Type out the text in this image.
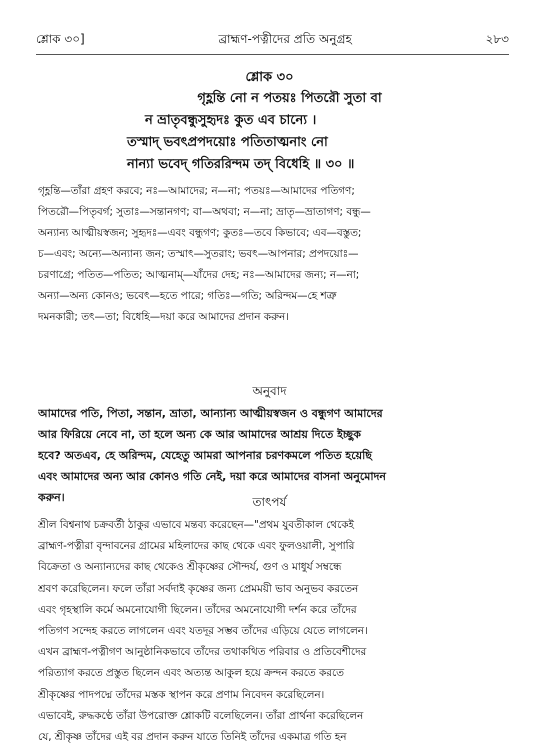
শ্লোক ৩০]	ব্রাহ্মণ-পত্নীদের প্রতি অনুগ্রহ	২৮৩
শ্লোক ৩০
গৃহ্ণন্তি নো ন পতয়ঃ পিতরৌ সুতা বা
ন ভ্রাতৃবন্ধুসুহৃদঃ কুত এব চান্যে ।
তস্মাদ্ ভবৎপ্রপদয়োঃ পতিতাত্মনাং নো
নান্যা ভবেদ্ গতিররিন্দম তদ্ বিধেহি ॥ ৩০ ॥
গৃহ্ণন্তি—তাঁরা গ্রহণ করবে; নঃ—আমাদের; ন—না; পতয়ঃ—আমাদের পতিগণ;
পিতরৌ—পিতৃবর্গ; সুতাঃ—সন্তানগণ; বা—অথবা; ন—না; ভ্রাতৃ—ভ্রাতাগণ; বন্ধু—
অন্যান্য আত্মীয়স্বজন; সুহৃদঃ—এবং বন্ধুগণ; কুতঃ—তবে কিভাবে; এব—বস্তুত;
চ—এবং; অন্যে—অন্যান্য জন; তস্মাৎ—সুতরাং; ভবৎ—আপনার; প্রপদয়োঃ—
চরণাগ্রে; পতিত—পতিত; আত্মনাম্—যাঁদের দেহ; নঃ—আমাদের জন্য; ন—না;
অন্যা—অন্য কোনও; ভবেৎ—হতে পারে; গতিঃ—গতি; অরিন্দম—হে শত্রু
দমনকারী; তৎ—তা; বিধেহি—দয়া করে আমাদের প্রদান করুন।
অনুবাদ
আমাদের পতি, পিতা, সন্তান, ভ্রাতা, আন্যান্য আত্মীয়স্বজন ও বন্ধুগণ আমাদের
আর ফিরিয়ে নেবে না, তা হলে অন্য কে আর আমাদের আশ্রয় দিতে ইচ্ছুক
হবে? অতএব, হে অরিন্দম, যেহেতু আমরা আপনার চরণকমলে পতিত হয়েছি
এবং আমাদের অন্য আর কোনও গতি নেই, দয়া করে আমাদের বাসনা অনুমোদন
করুন।	তাৎপর্য
শ্রীল বিশ্বনাথ চক্রবর্তী ঠাকুর এভাবে মন্তব্য করেছেন—"প্রথম যুবতীকাল থেকেই
ব্রাহ্মণ-পত্নীরা বৃন্দাবনের গ্রামের মহিলাদের কাছ থেকে এবং ফুলওয়ালী, সুপারি
বিক্রেতা ও অন্যান্যদের কাছ থেকেও শ্রীকৃষ্ণের সৌন্দর্য, গুণ ও মাধুর্য সম্বন্ধে
শ্রবণ করেছিলেন। ফলে তাঁরা সর্বদাই কৃষ্ণের জন্য প্রেমময়ী ভাব অনুভব করতেন
এবং গৃহস্থালি কর্মে অমনোযোগী ছিলেন। তাঁদের অমনোযোগী দর্শন করে তাঁদের
পতিগণ সন্দেহ করতে লাগলেন এবং যতদূর সম্ভব তাঁদের এড়িয়ে যেতে লাগলেন।
এখন ব্রাহ্মণ-পত্নীগণ আনুষ্ঠানিকভাবে তাঁদের তথাকথিত পরিবার ও প্রতিবেশীদের
পরিত্যাগ করতে প্রস্তুত ছিলেন এবং অত্যন্ত আকুল হয়ে ক্রন্দন করতে করতে
শ্রীকৃষ্ণের পাদপদ্মে তাঁদের মস্তক স্থাপন করে প্রণাম নিবেদন করেছিলেন।
এভাবেই, রুদ্ধকণ্ঠে তাঁরা উপরোক্ত শ্লোকটি বলেছিলেন। তাঁরা প্রার্থনা করেছিলেন
যে, শ্রীকৃষ্ণ তাঁদের এই বর প্রদান করুন যাতে তিনিই তাঁদের একমাত্র গতি হন
